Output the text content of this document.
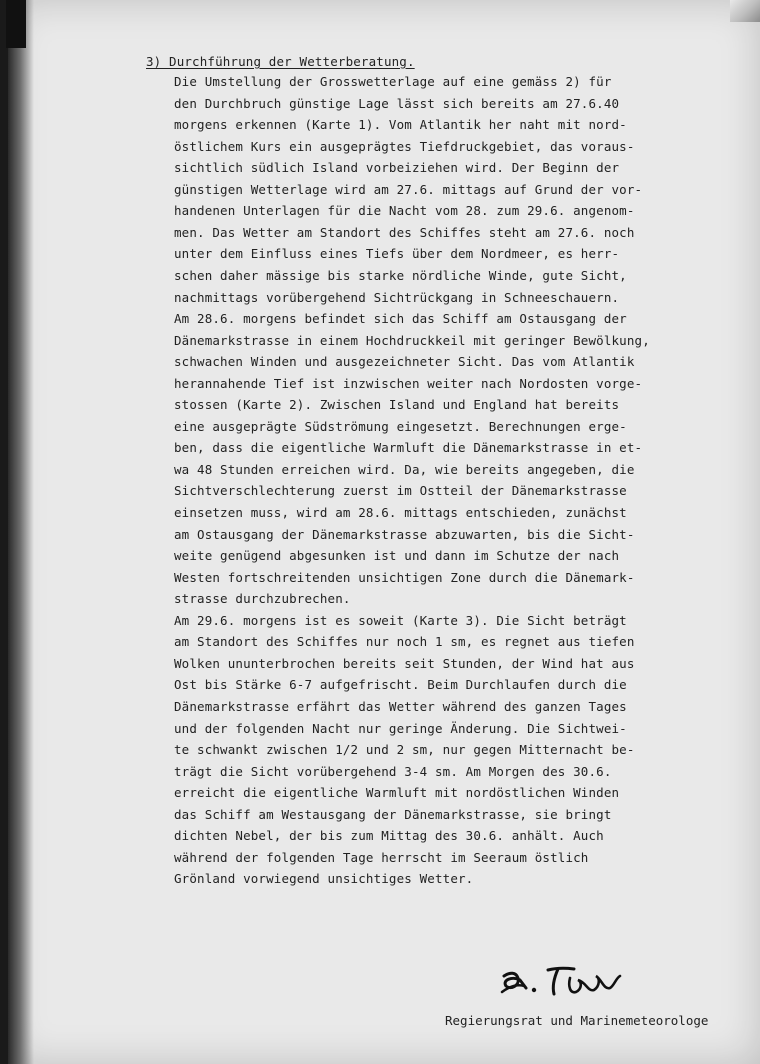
3) Durchführung der Wetterberatung.
Die Umstellung der Grosswetterlage auf eine gemäss 2) für
den Durchbruch günstige Lage lässt sich bereits am 27.6.40
morgens erkennen (Karte 1). Vom Atlantik her naht mit nord-
östlichem Kurs ein ausgeprägtes Tiefdruckgebiet, das voraus-
sichtlich südlich Island vorbeiziehen wird. Der Beginn der
günstigen Wetterlage wird am 27.6. mittags auf Grund der vor-
handenen Unterlagen für die Nacht vom 28. zum 29.6. angenom-
men. Das Wetter am Standort des Schiffes steht am 27.6. noch
unter dem Einfluss eines Tiefs über dem Nordmeer, es herr-
schen daher mässige bis starke nördliche Winde, gute Sicht,
nachmittags vorübergehend Sichtrückgang in Schneeschauern.
Am 28.6. morgens befindet sich das Schiff am Ostausgang der
Dänemarkstrasse in einem Hochdruckkeil mit geringer Bewölkung,
schwachen Winden und ausgezeichneter Sicht. Das vom Atlantik
herannahende Tief ist inzwischen weiter nach Nordosten vorge-
stossen (Karte 2). Zwischen Island und England hat bereits
eine ausgeprägte Südströmung eingesetzt. Berechnungen erge-
ben, dass die eigentliche Warmluft die Dänemarkstrasse in et-
wa 48 Stunden erreichen wird. Da, wie bereits angegeben, die
Sichtverschlechterung zuerst im Ostteil der Dänemarkstrasse
einsetzen muss, wird am 28.6. mittags entschieden, zunächst
am Ostausgang der Dänemarkstrasse abzuwarten, bis die Sicht-
weite genügend abgesunken ist und dann im Schutze der nach
Westen fortschreitenden unsichtigen Zone durch die Dänemark-
strasse durchzubrechen.
Am 29.6. morgens ist es soweit (Karte 3). Die Sicht beträgt
am Standort des Schiffes nur noch 1 sm, es regnet aus tiefen
Wolken ununterbrochen bereits seit Stunden, der Wind hat aus
Ost bis Stärke 6-7 aufgefrischt. Beim Durchlaufen durch die
Dänemarkstrasse erfährt das Wetter während des ganzen Tages
und der folgenden Nacht nur geringe Änderung. Die Sichtwei-
te schwankt zwischen 1/2 und 2 sm, nur gegen Mitternacht be-
trägt die Sicht vorübergehend 3-4 sm. Am Morgen des 30.6.
erreicht die eigentliche Warmluft mit nordöstlichen Winden
das Schiff am Westausgang der Dänemarkstrasse, sie bringt
dichten Nebel, der bis zum Mittag des 30.6. anhält. Auch
während der folgenden Tage herrscht im Seeraum östlich
Grönland vorwiegend unsichtiges Wetter.
Regierungsrat und Marinemeteorologe
